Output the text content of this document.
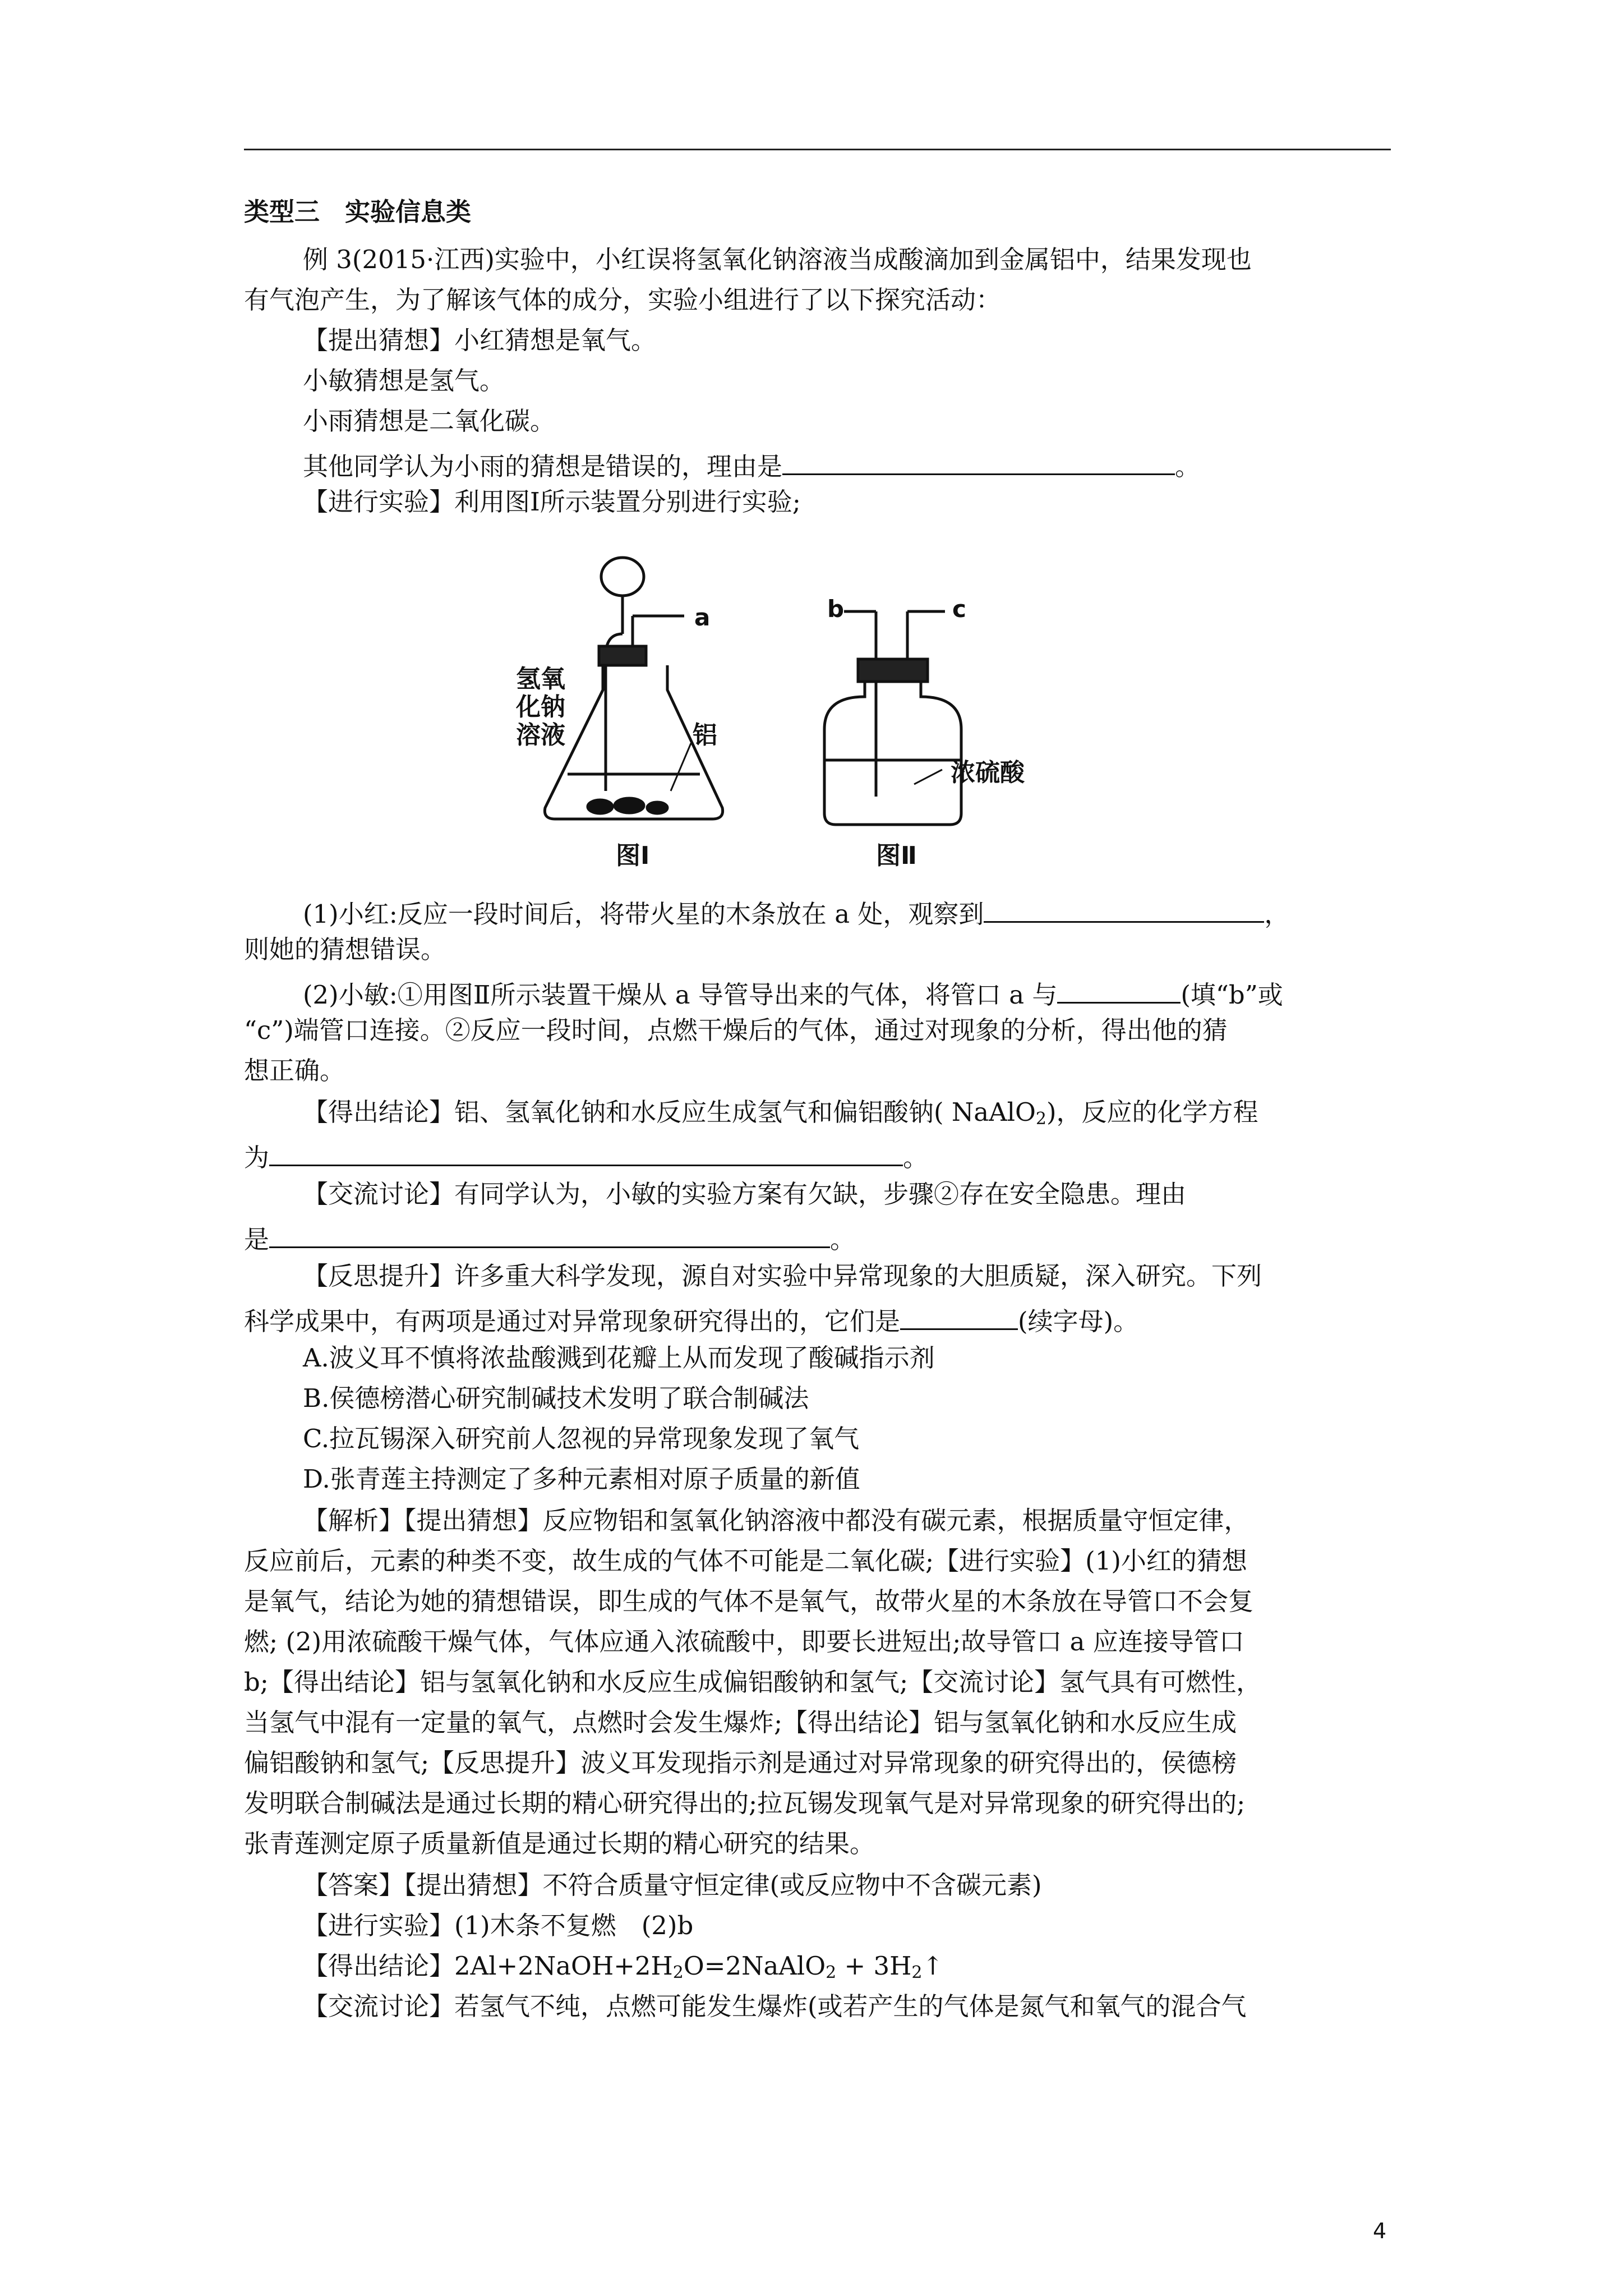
类型三　实验信息类
例 3(2015·江西)实验中，小红误将氢氧化钠溶液当成酸滴加到金属铝中，结果发现也
有气泡产生，为了解该气体的成分，实验小组进行了以下探究活动：
【提出猜想】小红猜想是氧气。
小敏猜想是氢气。
小雨猜想是二氧化碳。
其他同学认为小雨的猜想是错误的，理由是	。
【进行实验】利用图Ⅰ所示装置分别进行实验;
a
氢氧
化钠
溶液	铝
图Ⅰ
b	c
浓硫酸
图Ⅱ
(1)小红:反应一段时间后，将带火星的木条放在 a 处，观察到	，
则她的猜想错误。
(2)小敏:①用图Ⅱ所示装置干燥从 a 导管导出来的气体，将管口 a 与	(填“b”或
“c”)端管口连接。②反应一段时间，点燃干燥后的气体，通过对现象的分析，得出他的猜
想正确。
【得出结论】铝、氢氧化钠和水反应生成氢气和偏铝酸钠( NaAlO$_2$)，反应的化学方程
为	。
【交流讨论】有同学认为，小敏的实验方案有欠缺，步骤②存在安全隐患。理由
是	。
【反思提升】许多重大科学发现，源自对实验中异常现象的大胆质疑，深入研究。下列
科学成果中，有两项是通过对异常现象研究得出的，它们是	(续字母)。
A.波义耳不慎将浓盐酸溅到花瓣上从而发现了酸碱指示剂
B.侯德榜潜心研究制碱技术发明了联合制碱法
C.拉瓦锡深入研究前人忽视的异常现象发现了氧气
D.张青莲主持测定了多种元素相对原子质量的新值
【解析】【提出猜想】反应物铝和氢氧化钠溶液中都没有碳元素，根据质量守恒定律，
反应前后，元素的种类不变，故生成的气体不可能是二氧化碳;【进行实验】(1)小红的猜想
是氧气，结论为她的猜想错误，即生成的气体不是氧气，故带火星的木条放在导管口不会复
燃; (2)用浓硫酸干燥气体，气体应通入浓硫酸中，即要长进短出;故导管口 a 应连接导管口
b;【得出结论】铝与氢氧化钠和水反应生成偏铝酸钠和氢气;【交流讨论】氢气具有可燃性，
当氢气中混有一定量的氧气，点燃时会发生爆炸;【得出结论】铝与氢氧化钠和水反应生成
偏铝酸钠和氢气;【反思提升】波义耳发现指示剂是通过对异常现象的研究得出的，侯德榜
发明联合制碱法是通过长期的精心研究得出的;拉瓦锡发现氧气是对异常现象的研究得出的;
张青莲测定原子质量新值是通过长期的精心研究的结果。
【答案】【提出猜想】不符合质量守恒定律(或反应物中不含碳元素)
【进行实验】(1)木条不复燃　(2)b
【得出结论】$2Al+2NaOH+2H_2O=2NaAlO_2$ + $3H_2↑$
【交流讨论】若氢气不纯，点燃可能发生爆炸(或若产生的气体是氮气和氧气的混合气
4
